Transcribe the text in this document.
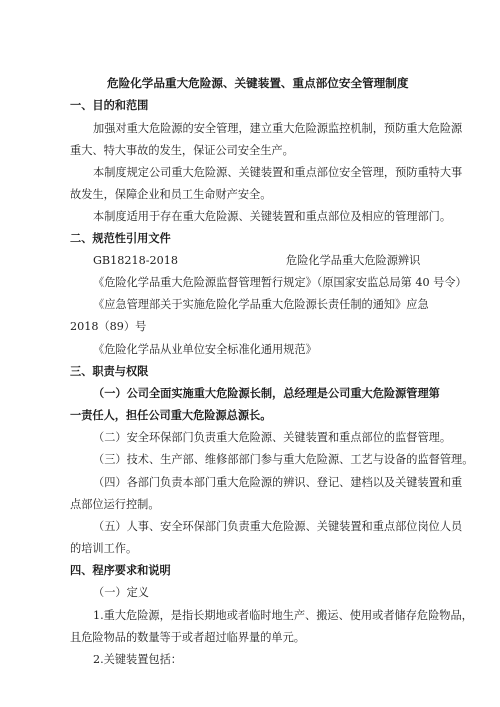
危险化学品重大危险源、关键装置、重点部位安全管理制度
一、目的和范围
加强对重大危险源的安全管理，建立重大危险源监控机制，预防重大危险源
重大、特大事故的发生，保证公司安全生产。
本制度规定公司重大危险源、关键装置和重点部位安全管理，预防重特大事
故发生，保障企业和员工生命财产安全。
本制度适用于存在重大危险源、关键装置和重点部位及相应的管理部门。
二、规范性引用文件
GB18218-2018	危险化学品重大危险源辨识
《危险化学品重大危险源监督管理暂行规定》（原国家安监总局第 40 号令）
《应急管理部关于实施危险化学品重大危险源长责任制的通知》应急
2018（89）号
《危险化学品从业单位安全标准化通用规范》
三、职责与权限
（一）公司全面实施重大危险源长制，总经理是公司重大危险源管理第
一责任人，担任公司重大危险源总源长。
（二）安全环保部门负责重大危险源、关键装置和重点部位的监督管理。
（三）技术、生产部、维修部部门参与重大危险源、工艺与设备的监督管理。
（四）各部门负责本部门重大危险源的辨识、登记、建档以及关键装置和重
点部位运行控制。
（五）人事、安全环保部门负责重大危险源、关键装置和重点部位岗位人员
的培训工作。
四、程序要求和说明
（一）定义
1.重大危险源，是指长期地或者临时地生产、搬运、使用或者储存危险物品，
且危险物品的数量等于或者超过临界量的单元。
2.关键装置包括：
